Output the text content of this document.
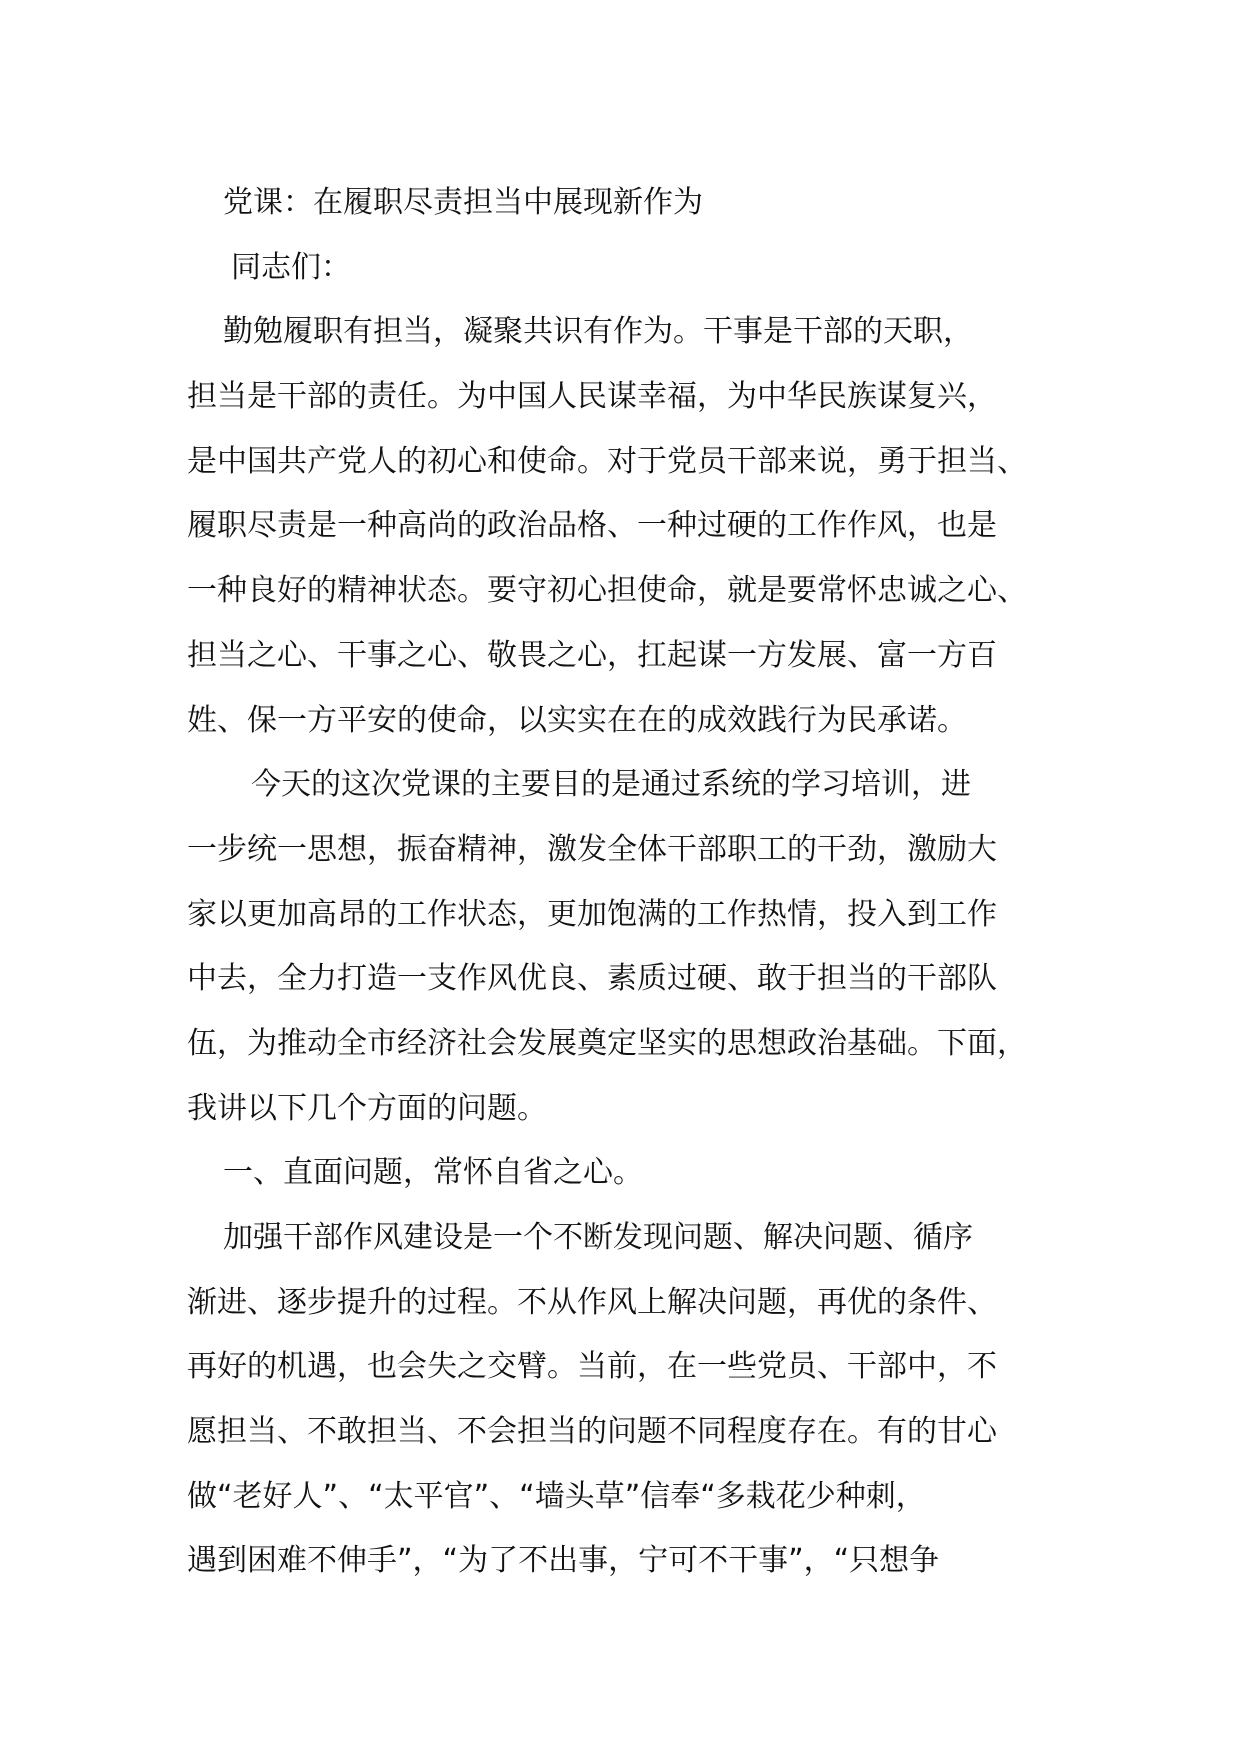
党课：在履职尽责担当中展现新作为

同志们：

勤勉履职有担当，凝聚共识有作为。干事是干部的天职，

担当是干部的责任。为中国人民谋幸福，为中华民族谋复兴，

是中国共产党人的初心和使命。对于党员干部来说，勇于担当、

履职尽责是一种高尚的政治品格、一种过硬的工作作风，也是

一种良好的精神状态。要守初心担使命，就是要常怀忠诚之心、

担当之心、干事之心、敬畏之心，扛起谋一方发展、富一方百

姓、保一方平安的使命，以实实在在的成效践行为民承诺。

今天的这次党课的主要目的是通过系统的学习培训，进

一步统一思想，振奋精神，激发全体干部职工的干劲，激励大

家以更加高昂的工作状态，更加饱满的工作热情，投入到工作

中去，全力打造一支作风优良、素质过硬、敢于担当的干部队

伍，为推动全市经济社会发展奠定坚实的思想政治基础。下面，

我讲以下几个方面的问题。

一、直面问题，常怀自省之心。

加强干部作风建设是一个不断发现问题、解决问题、循序

渐进、逐步提升的过程。不从作风上解决问题，再优的条件、

再好的机遇，也会失之交臂。当前，在一些党员、干部中，不

愿担当、不敢担当、不会担当的问题不同程度存在。有的甘心

做“老好人”、“太平官”、“墙头草”信奉“多栽花少种刺，

遇到困难不伸手”，“为了不出事，宁可不干事”，“只想争
